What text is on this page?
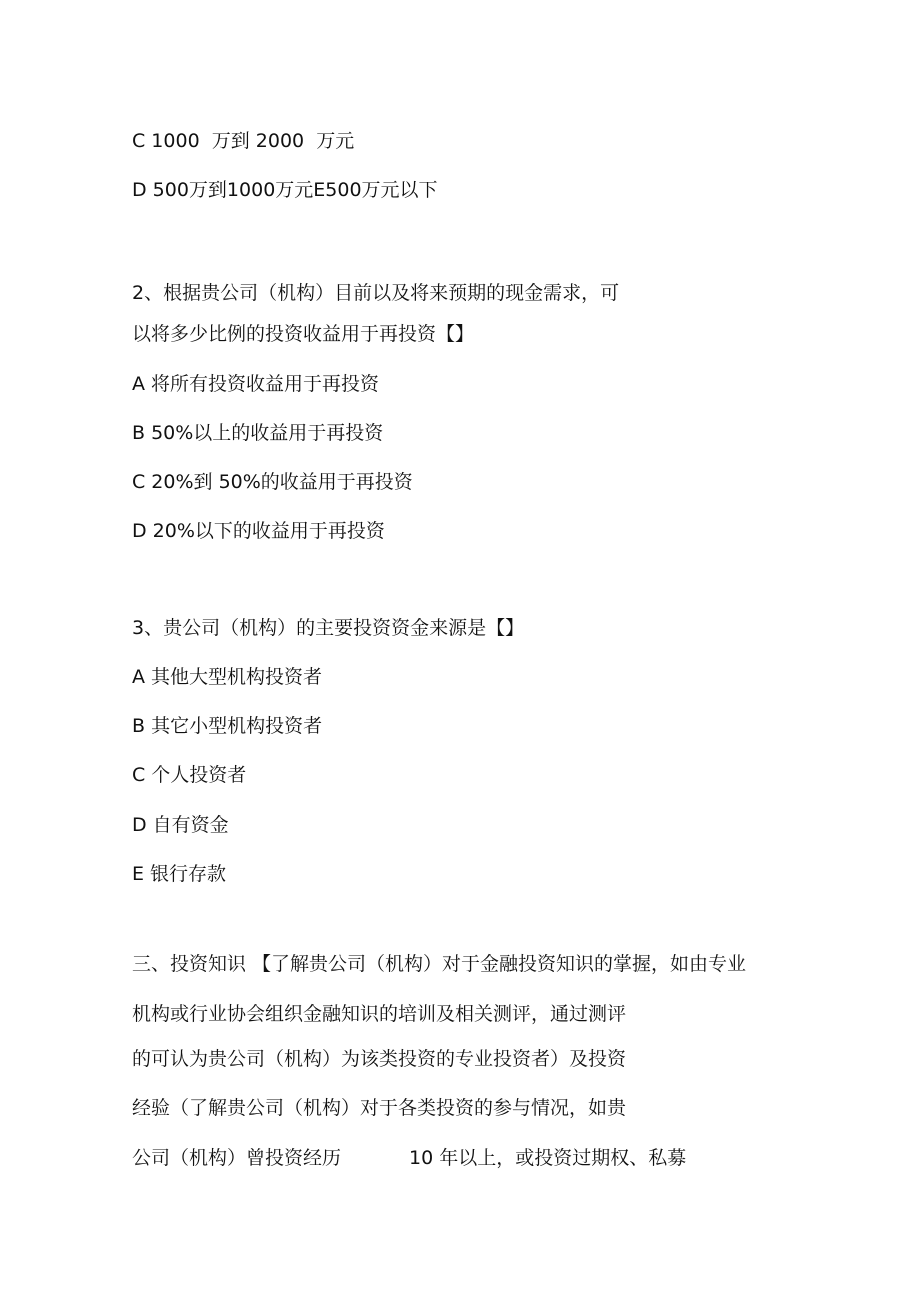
C 1000  万到 2000  万元

D 500万到1000万元E500万元以下

2、根据贵公司（机构）目前以及将来预期的现金需求，可

以将多少比例的投资收益用于再投资【】

A 将所有投资收益用于再投资

B 50%以上的收益用于再投资

C 20%到 50%的收益用于再投资

D 20%以下的收益用于再投资

3、贵公司（机构）的主要投资资金来源是【】

A 其他大型机构投资者

B 其它小型机构投资者

C 个人投资者

D 自有资金

E 银行存款

三、投资知识 【了解贵公司（机构）对于金融投资知识的掌握，如由专业

机构或行业协会组织金融知识的培训及相关测评，通过测评

的可认为贵公司（机构）为该类投资的专业投资者）及投资

经验（了解贵公司（机构）对于各类投资的参与情况，如贵

公司（机构）曾投资经历	10 年以上，或投资过期权、私募
